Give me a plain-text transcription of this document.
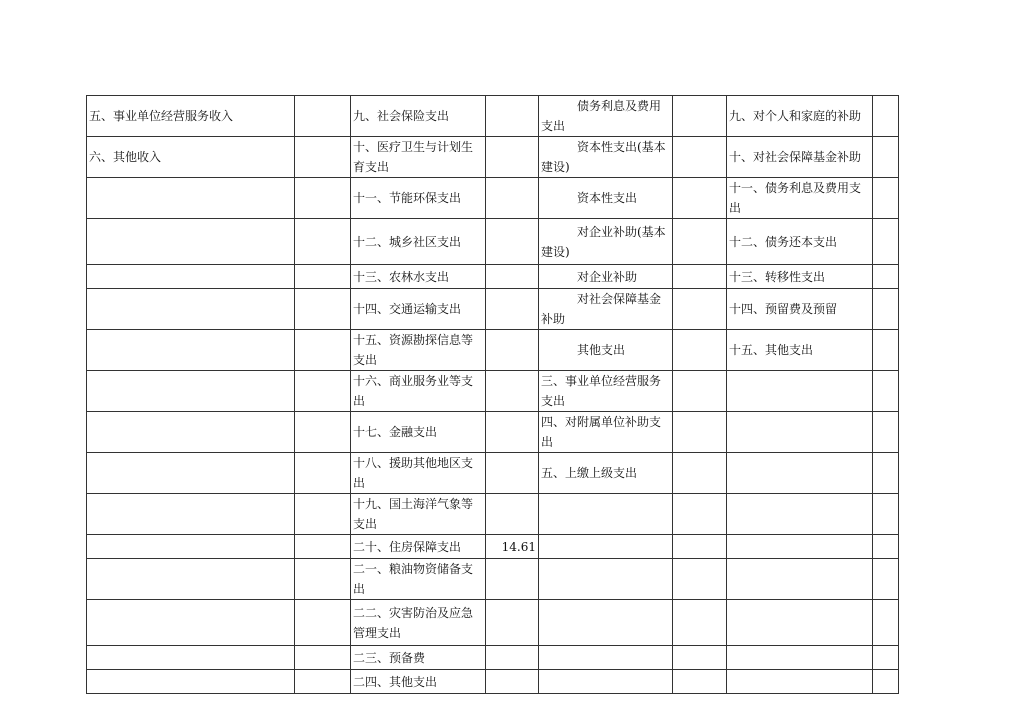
五、事业单位经营服务收入		九、社会保险支出		债务利息及费用支出		九、对个人和家庭的补助	
六、其他收入		十、医疗卫生与计划生育支出		资本性支出(基本建设)		十、对社会保障基金补助	
		十一、节能环保支出		资本性支出		十一、债务利息及费用支出	
		十二、城乡社区支出		对企业补助(基本建设)		十二、债务还本支出	
		十三、农林水支出		对企业补助		十三、转移性支出	
		十四、交通运输支出		对社会保障基金补助		十四、预留费及预留	
		十五、资源勘探信息等支出		其他支出		十五、其他支出	
		十六、商业服务业等支出		三、事业单位经营服务支出			
		十七、金融支出		四、对附属单位补助支出			
		十八、援助其他地区支出		五、上缴上级支出			
		十九、国土海洋气象等支出					
		二十、住房保障支出	14.61				
		二一、粮油物资储备支出					
		二二、灾害防治及应急管理支出					
		二三、预备费					
		二四、其他支出					
